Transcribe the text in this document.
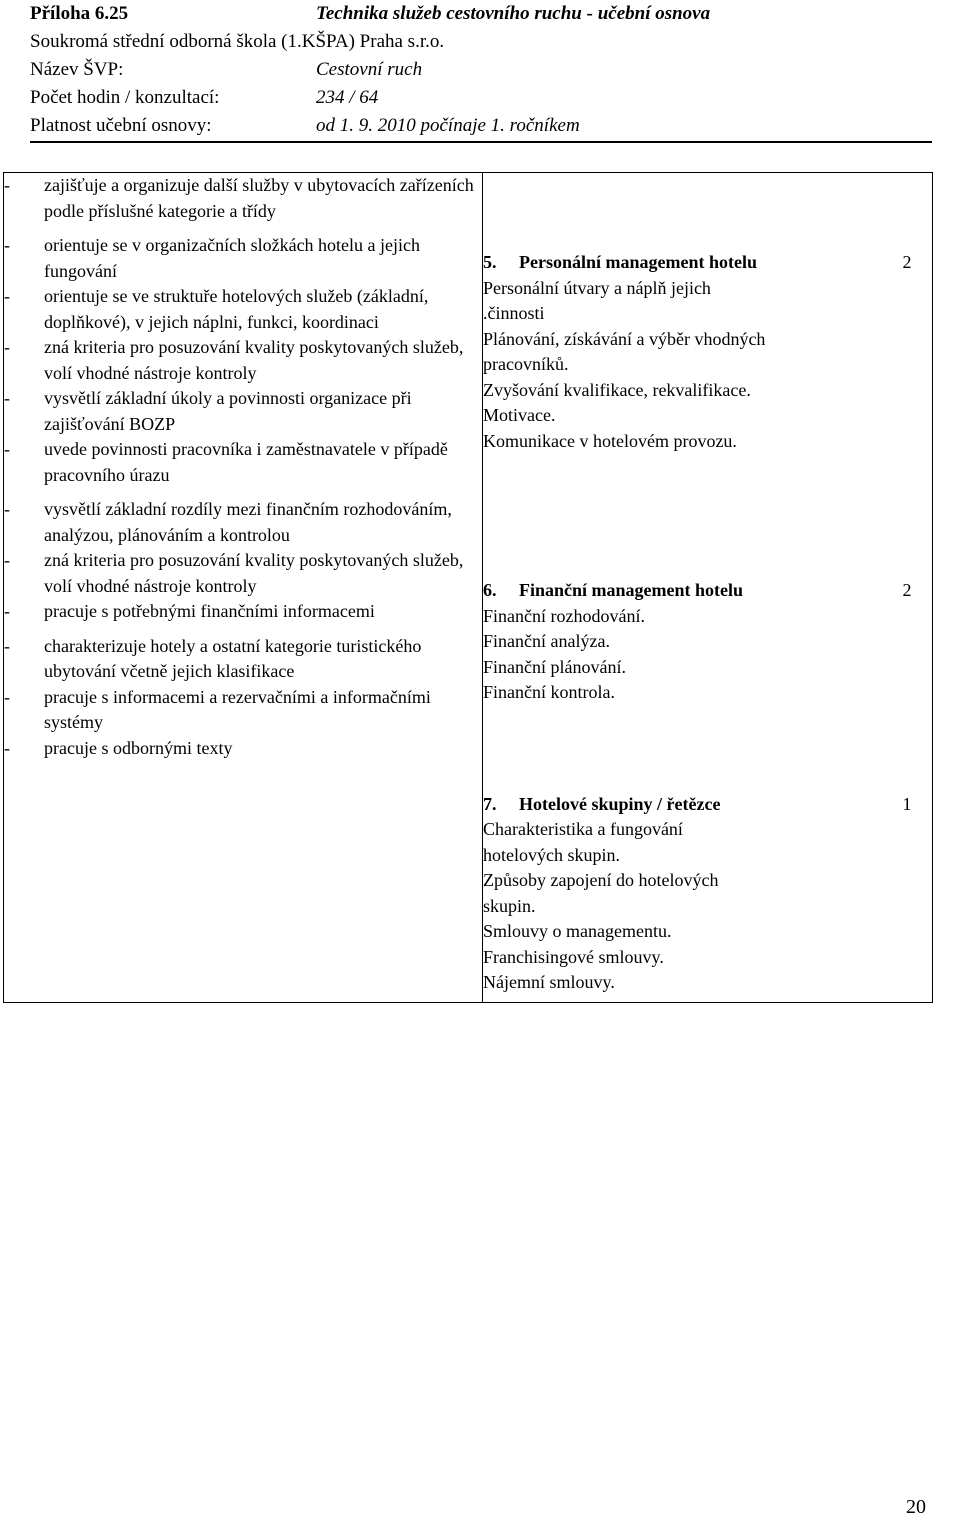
Příloha 6.25	Technika služeb cestovního ruchu - učební osnova
Soukromá střední odborná škola (1.KŠPA) Praha s.r.o.
Název ŠVP:	Cestovní ruch
Počet hodin / konzultací:	234 / 64
Platnost učební osnovy:	od 1. 9. 2010 počínaje 1. ročníkem
-	zajišťuje a organizuje další služby v ubytovacích zařízeních podle příslušné kategorie a třídy
-	orientuje se v organizačních složkách hotelu a jejich fungování
-	orientuje se ve struktuře hotelových služeb (základní, doplňkové), v jejich náplni, funkci, koordinaci
-	zná kriteria pro posuzování kvality poskytovaných služeb, volí vhodné nástroje kontroly
-	vysvětlí základní úkoly a povinnosti organizace při zajišťování BOZP
-	uvede povinnosti pracovníka i zaměstnavatele v případě pracovního úrazu
-	vysvětlí základní rozdíly mezi finančním rozhodováním, analýzou, plánováním a kontrolou
-	zná kriteria pro posuzování kvality poskytovaných služeb, volí vhodné nástroje kontroly
-	pracuje s potřebnými finančními informacemi
-	charakterizuje hotely a ostatní kategorie turistického ubytování včetně jejich klasifikace
-	pracuje s informacemi a rezervačními a informačními systémy
-	pracuje s odbornými texty

5.	Personální management hotelu	2
Personální útvary a náplň jejich
.činnosti
Plánování, získávání a výběr vhodných
pracovníků.
Zvyšování kvalifikace, rekvalifikace.
Motivace.
Komunikace v hotelovém provozu.
6.	Finanční management hotelu	2
Finanční rozhodování.
Finanční analýza.
Finanční plánování.
Finanční kontrola.
7.	Hotelové skupiny / řetězce	1
Charakteristika a fungování
hotelových skupin.
Způsoby zapojení do hotelových
skupin.
Smlouvy o managementu.
Franchisingové smlouvy.
Nájemní smlouvy.
20
